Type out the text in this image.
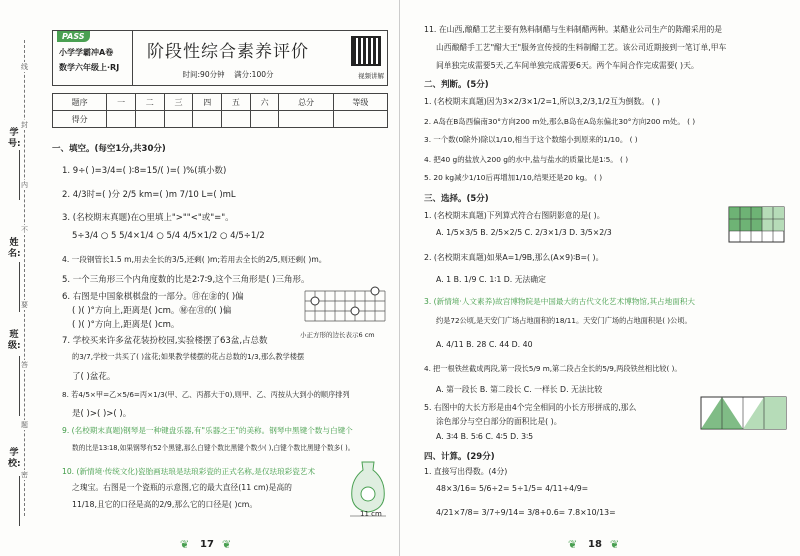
学号:
姓名:
班级:
学校:
线
封
内
不
要
答
题
密
PASS
小学学霸冲A卷
数学六年级上·RJ
阶段性综合素养评价
时间:90分钟 满分:100分	视频讲解
题序	一	二	三	四	五	六	总分	等级
得分								
一、填空。(每空1分,共30分)
1. 9÷( )=3/4=( )∶8=15/( )=( )%(填小数)
2. 4/3时=( )分 2/5 km=( )m 7/10 L=( )mL
3. (名校期末真题)在○里填上">""<"或"="。
5÷3/4 ○ 5 5/4×1/4 ○ 5/4 4/5×1/2 ○ 4/5÷1/2
4. 一段钢管长1.5 m,用去全长的3/5,还剩( )m;若用去全长的2/5,则还剩( )m。
5. 一个三角形三个内角度数的比是2∶7∶9,这个三角形是( )三角形。
6. 右图是中国象棋棋盘的一部分。㊊在㊎的( )偏
( )( )°方向上,距离是( )cm。㊙在㊊的( )偏
( )( )°方向上,距离是( )cm。
7. 学校买来许多盆花装扮校园,实验楼摆了63盆,占总数
的3/7,学校一共买了( )盆花;如果教学楼摆的花占总数的1/3,那么教学楼摆
了( )盆花。
8. 若4/5×甲=乙×5/6=丙×1/3(甲、乙、丙都大于0),则甲、乙、丙按从大到小的顺序排列
是( )>( )>( )。
9. (名校期末真题)钢琴是一种键盘乐器,有"乐器之王"的美称。钢琴中黑键个数与白键个
数的比是13∶18,如果钢琴有52个黑键,那么白键个数比黑键个数少( ),白键个数比黑键个数多( )。
10. (新情境·传统文化)瓷胎画珐琅是珐琅彩瓷的正式名称,是仅珐琅彩瓷艺术
之瑰宝。右图是一个瓷瓶的示意图,它的最大直径(11 cm)是高的
11/18,且它的口径是高的2/9,那么它的口径是( )cm。
小正方形的边长表示6 cm
11 cm
❦ 17 ❦
11. 在山西,酿醋工艺主要有熟料制醋与生料制醋两种。某醋业公司生产的陈醋采用的是
山西酿醋手工艺"醋大王"服务宣传授的生料制醋工艺。该公司近期接到一笔订单,甲车
间单独完成需要5天,乙车间单独完成需要6天。两个车间合作完成需要( )天。
二、判断。(5分)
1. (名校期末真题)因为3×2/3×1/2=1,所以3,2/3,1/2互为倒数。 ( )
2. A岛在B岛西偏南30°方向200 m处,那么B岛在A岛东偏北30°方向200 m处。 ( )
3. 一个数(0除外)除以1/10,相当于这个数缩小到原来的1/10。 ( )
4. 把40 g的盐放入200 g的水中,盐与盐水的质量比是1∶5。 ( )
5. 20 kg减少1/10后再增加1/10,结果还是20 kg。 ( )
三、选择。(5分)
1. (名校期末真题)下列算式符合右图阴影意的是( )。
A. 1/5×3/5 B. 2/5×2/5 C. 2/3×1/3 D. 3/5×2/3
2. (名校期末真题)如果A=1/9B,那么(A×9)∶B=( )。
A. 1 B. 1/9 C. 1∶1 D. 无法确定
3. (新情境·人文素养)故宫博物院是中国最大的古代文化艺术博物馆,其占地面积大
约是72公顷,是天安门广场占地面积的18/11。天安门广场的占地面积是( )公顷。
A. 4/11 B. 28 C. 44 D. 40
4. 把一根铁丝截成两段,第一段长5/9 m,第二段占全长的5/9,两段铁丝相比较( )。
A. 第一段长 B. 第二段长 C. 一样长 D. 无法比较
5. 右图中的大长方形是由4个完全相同的小长方形拼成的,那么
涂色部分与空白部分的面积比是( )。
A. 3∶4 B. 5∶6 C. 4∶5 D. 3∶5
四、计算。(29分)
1. 直接写出得数。(4分)
48×3/16= 5/6÷2= 5÷1/5= 4/11÷4/9=
4/21×7/8= 3/7÷9/14= 3/8+0.6= 7.8×10/13=
❦ 18 ❦
